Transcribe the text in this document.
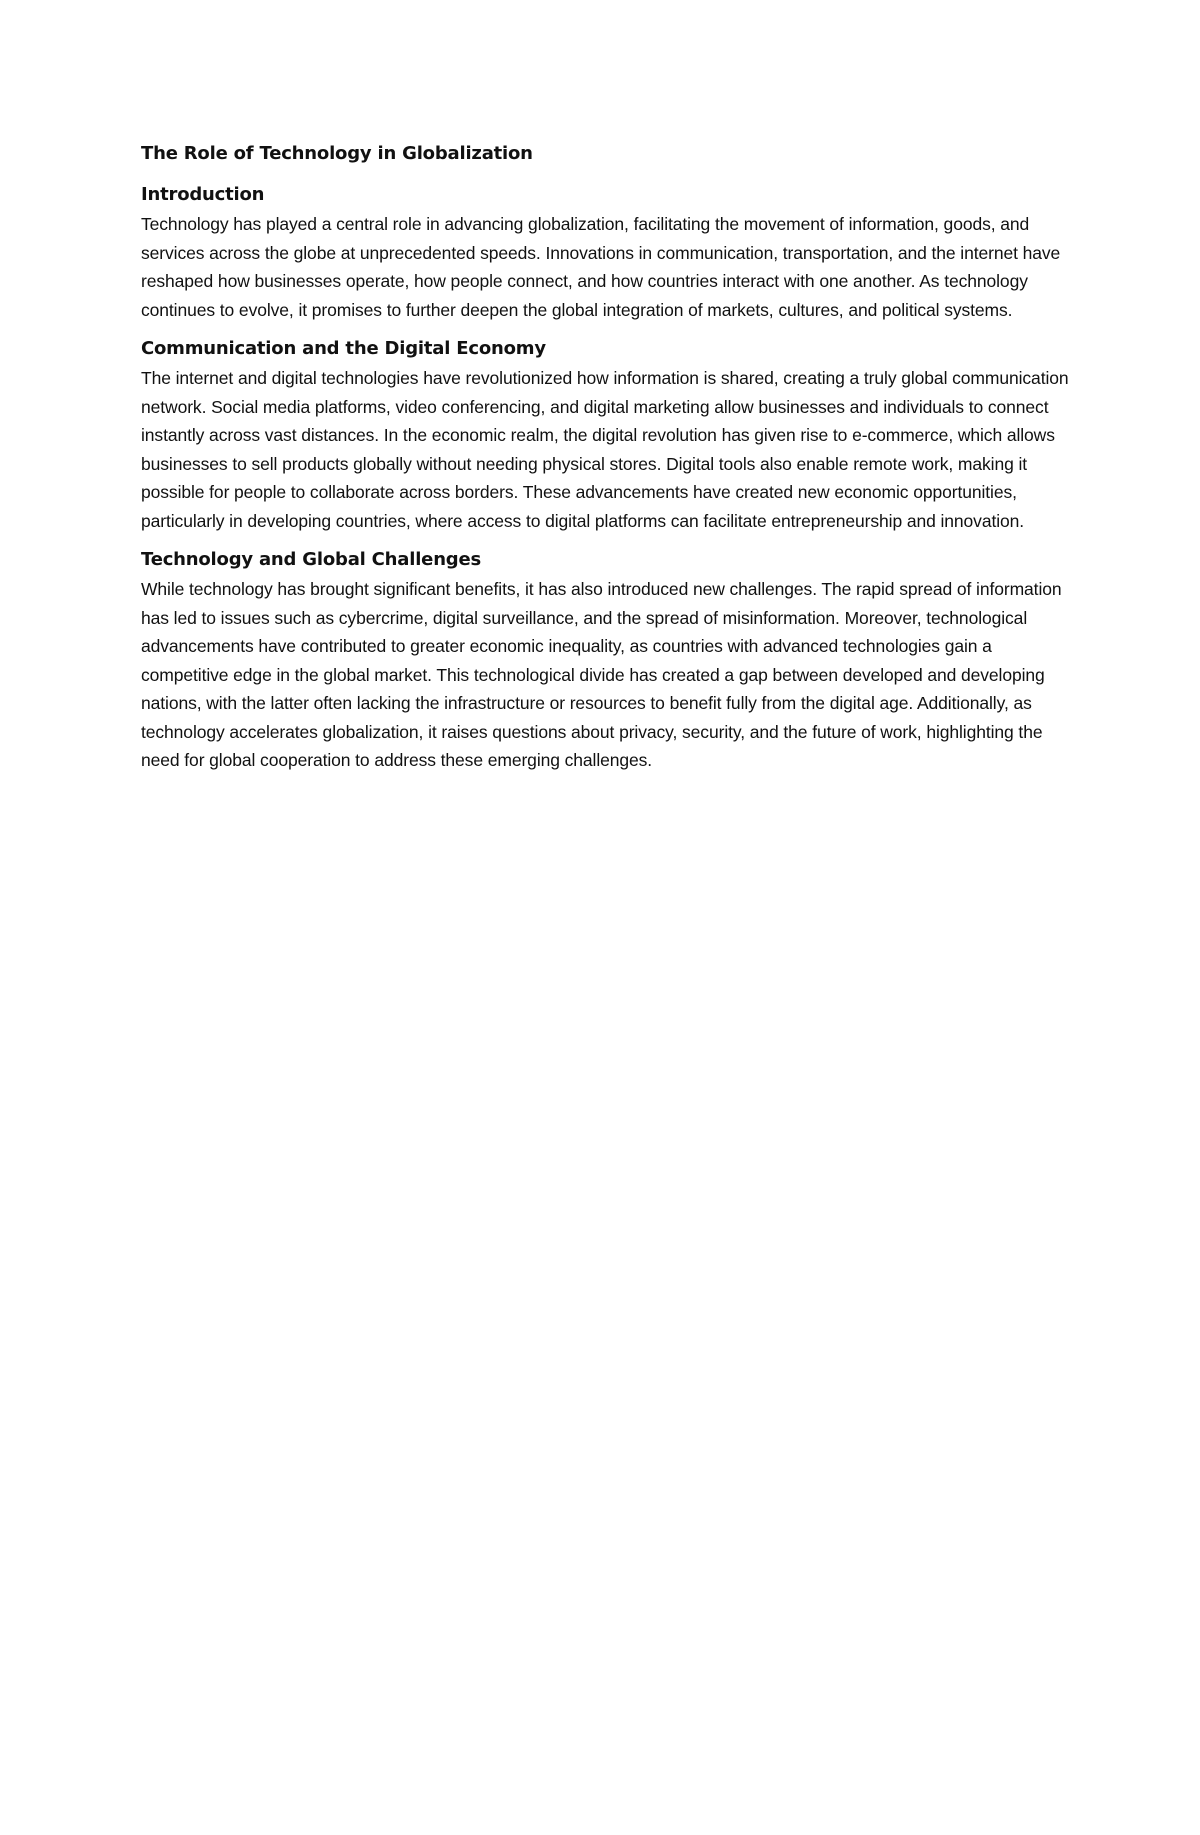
The Role of Technology in Globalization
Introduction
Technology has played a central role in advancing globalization, facilitating the movement of information, goods, and services across the globe at unprecedented speeds. Innovations in communication, transportation, and the internet have reshaped how businesses operate, how people connect, and how countries interact with one another. As technology continues to evolve, it promises to further deepen the global integration of markets, cultures, and political systems.
Communication and the Digital Economy
The internet and digital technologies have revolutionized how information is shared, creating a truly global communication network. Social media platforms, video conferencing, and digital marketing allow businesses and individuals to connect instantly across vast distances. In the economic realm, the digital revolution has given rise to e-commerce, which allows businesses to sell products globally without needing physical stores. Digital tools also enable remote work, making it possible for people to collaborate across borders. These advancements have created new economic opportunities, particularly in developing countries, where access to digital platforms can facilitate entrepreneurship and innovation.
Technology and Global Challenges
While technology has brought significant benefits, it has also introduced new challenges. The rapid spread of information has led to issues such as cybercrime, digital surveillance, and the spread of misinformation. Moreover, technological advancements have contributed to greater economic inequality, as countries with advanced technologies gain a competitive edge in the global market. This technological divide has created a gap between developed and developing nations, with the latter often lacking the infrastructure or resources to benefit fully from the digital age. Additionally, as technology accelerates globalization, it raises questions about privacy, security, and the future of work, highlighting the need for global cooperation to address these emerging challenges.
